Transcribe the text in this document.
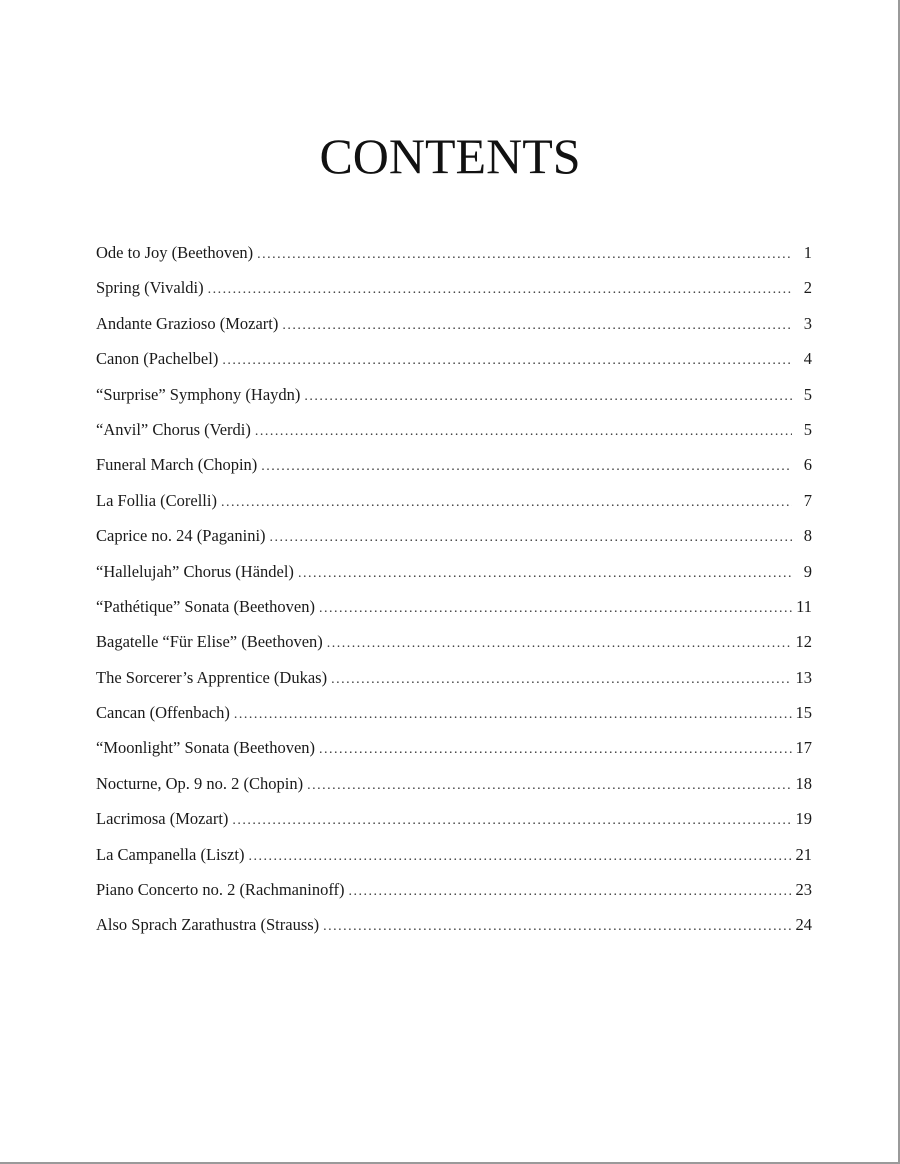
CONTENTS
Ode to Joy (Beethoven) .....	1
Spring (Vivaldi) .....	2
Andante Grazioso (Mozart) .....	3
Canon (Pachelbel) .....	4
“Surprise” Symphony (Haydn) .....	5
“Anvil” Chorus (Verdi) .....	5
Funeral March (Chopin) .....	6
La Follia (Corelli) .....	7
Caprice no. 24 (Paganini) .....	8
“Hallelujah” Chorus (Händel) .....	9
“Pathétique” Sonata (Beethoven) .....	11
Bagatelle “Für Elise” (Beethoven) .....	12
The Sorcerer’s Apprentice (Dukas) .....	13
Cancan (Offenbach) .....	15
“Moonlight” Sonata (Beethoven) .....	17
Nocturne, Op. 9 no. 2 (Chopin) .....	18
Lacrimosa (Mozart) .....	19
La Campanella (Liszt) .....	21
Piano Concerto no. 2 (Rachmaninoff) .....	23
Also Sprach Zarathustra (Strauss) .....	24
